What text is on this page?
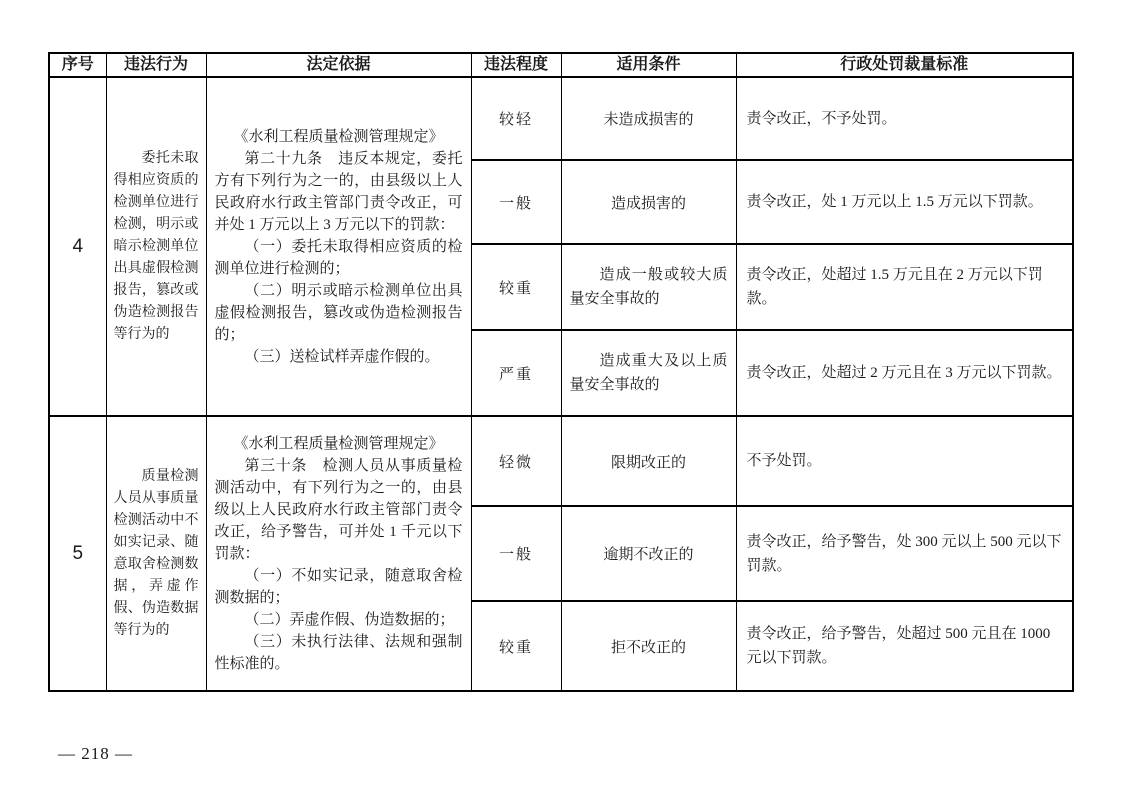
序号	违法行为	法定依据	违法程度	适用条件	行政处罚裁量标准
4	委托未取得相应资质的检测单位进行检测，明示或暗示检测单位出具虚假检测报告，篡改或伪造检测报告等行为的	《水利工程质量检测管理规定》

第二十九条　违反本规定，委托方有下列行为之一的，由县级以上人民政府水行政主管部门责令改正，可并处 1 万元以上 3 万元以下的罚款：

（一）委托未取得相应资质的检测单位进行检测的；

（二）明示或暗示检测单位出具虚假检测报告，篡改或伪造检测报告的；

（三）送检试样弄虚作假的。	较轻	未造成损害的	责令改正，不予处罚。

			一般	造成损害的	责令改正，处 1 万元以上 1.5 万元以下罚款。

			较重	造成一般或较大质量安全事故的	责令改正，处超过 1.5 万元且在 2 万元以下罚款。

			严重	造成重大及以上质量安全事故的	责令改正，处超过 2 万元且在 3 万元以下罚款。

5	质量检测人员从事质量检测活动中不如实记录、随意取舍检测数据，弄虚作假、伪造数据等行为的	《水利工程质量检测管理规定》

第三十条　检测人员从事质量检测活动中，有下列行为之一的，由县级以上人民政府水行政主管部门责令改正，给予警告，可并处 1 千元以下罚款：

（一）不如实记录，随意取舍检测数据的；

（二）弄虚作假、伪造数据的；

（三）未执行法律、法规和强制性标准的。	轻微	限期改正的	不予处罚。

			一般	逾期不改正的	责令改正，给予警告，处 300 元以上 500 元以下罚款。

			较重	拒不改正的	责令改正，给予警告，处超过 500 元且在 1000 元以下罚款。

— 218 —
